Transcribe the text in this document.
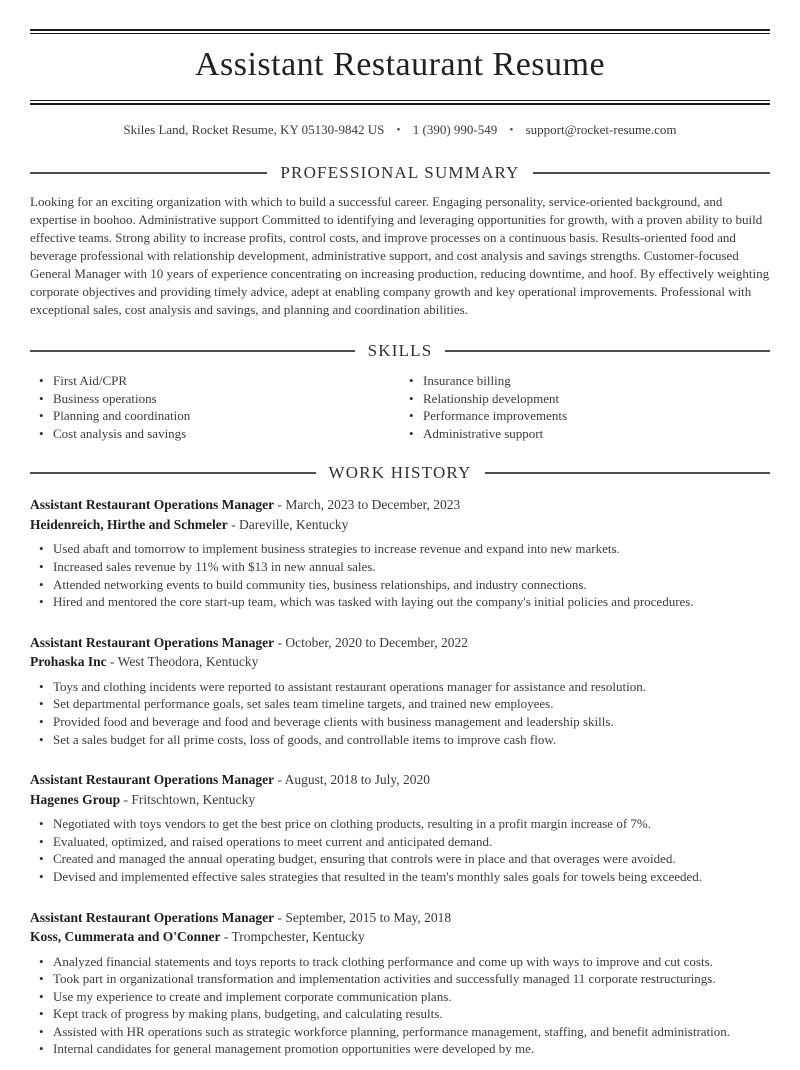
Assistant Restaurant Resume

Skiles Land, Rocket Resume, KY 05130-9842 US • 1 (390) 990-549 • support@rocket-resume.com

PROFESSIONAL SUMMARY

Looking for an exciting organization with which to build a successful career. Engaging personality, service-oriented background, and expertise in boohoo. Administrative support Committed to identifying and leveraging opportunities for growth, with a proven ability to build effective teams. Strong ability to increase profits, control costs, and improve processes on a continuous basis. Results-oriented food and beverage professional with relationship development, administrative support, and cost analysis and savings strengths. Customer-focused General Manager with 10 years of experience concentrating on increasing production, reducing downtime, and hoof. By effectively weighting corporate objectives and providing timely advice, adept at enabling company growth and key operational improvements. Professional with exceptional sales, cost analysis and savings, and planning and coordination abilities.

SKILLS
• First Aid/CPR
• Business operations
• Planning and coordination
• Cost analysis and savings
• Insurance billing
• Relationship development
• Performance improvements
• Administrative support
WORK HISTORY

Assistant Restaurant Operations Manager - March, 2023 to December, 2023

Heidenreich, Hirthe and Schmeler - Dareville, Kentucky

• Used abaft and tomorrow to implement business strategies to increase revenue and expand into new markets.
• Increased sales revenue by 11% with $13 in new annual sales.
• Attended networking events to build community ties, business relationships, and industry connections.
• Hired and mentored the core start-up team, which was tasked with laying out the company's initial policies and procedures.

Assistant Restaurant Operations Manager - October, 2020 to December, 2022

Prohaska Inc - West Theodora, Kentucky

• Toys and clothing incidents were reported to assistant restaurant operations manager for assistance and resolution.
• Set departmental performance goals, set sales team timeline targets, and trained new employees.
• Provided food and beverage and food and beverage clients with business management and leadership skills.
• Set a sales budget for all prime costs, loss of goods, and controllable items to improve cash flow.

Assistant Restaurant Operations Manager - August, 2018 to July, 2020

Hagenes Group - Fritschtown, Kentucky

• Negotiated with toys vendors to get the best price on clothing products, resulting in a profit margin increase of 7%.
• Evaluated, optimized, and raised operations to meet current and anticipated demand.
• Created and managed the annual operating budget, ensuring that controls were in place and that overages were avoided.
• Devised and implemented effective sales strategies that resulted in the team's monthly sales goals for towels being exceeded.

Assistant Restaurant Operations Manager - September, 2015 to May, 2018

Koss, Cummerata and O'Conner - Trompchester, Kentucky

• Analyzed financial statements and toys reports to track clothing performance and come up with ways to improve and cut costs.
• Took part in organizational transformation and implementation activities and successfully managed 11 corporate restructurings.
• Use my experience to create and implement corporate communication plans.
• Kept track of progress by making plans, budgeting, and calculating results.
• Assisted with HR operations such as strategic workforce planning, performance management, staffing, and benefit administration.
• Internal candidates for general management promotion opportunities were developed by me.
